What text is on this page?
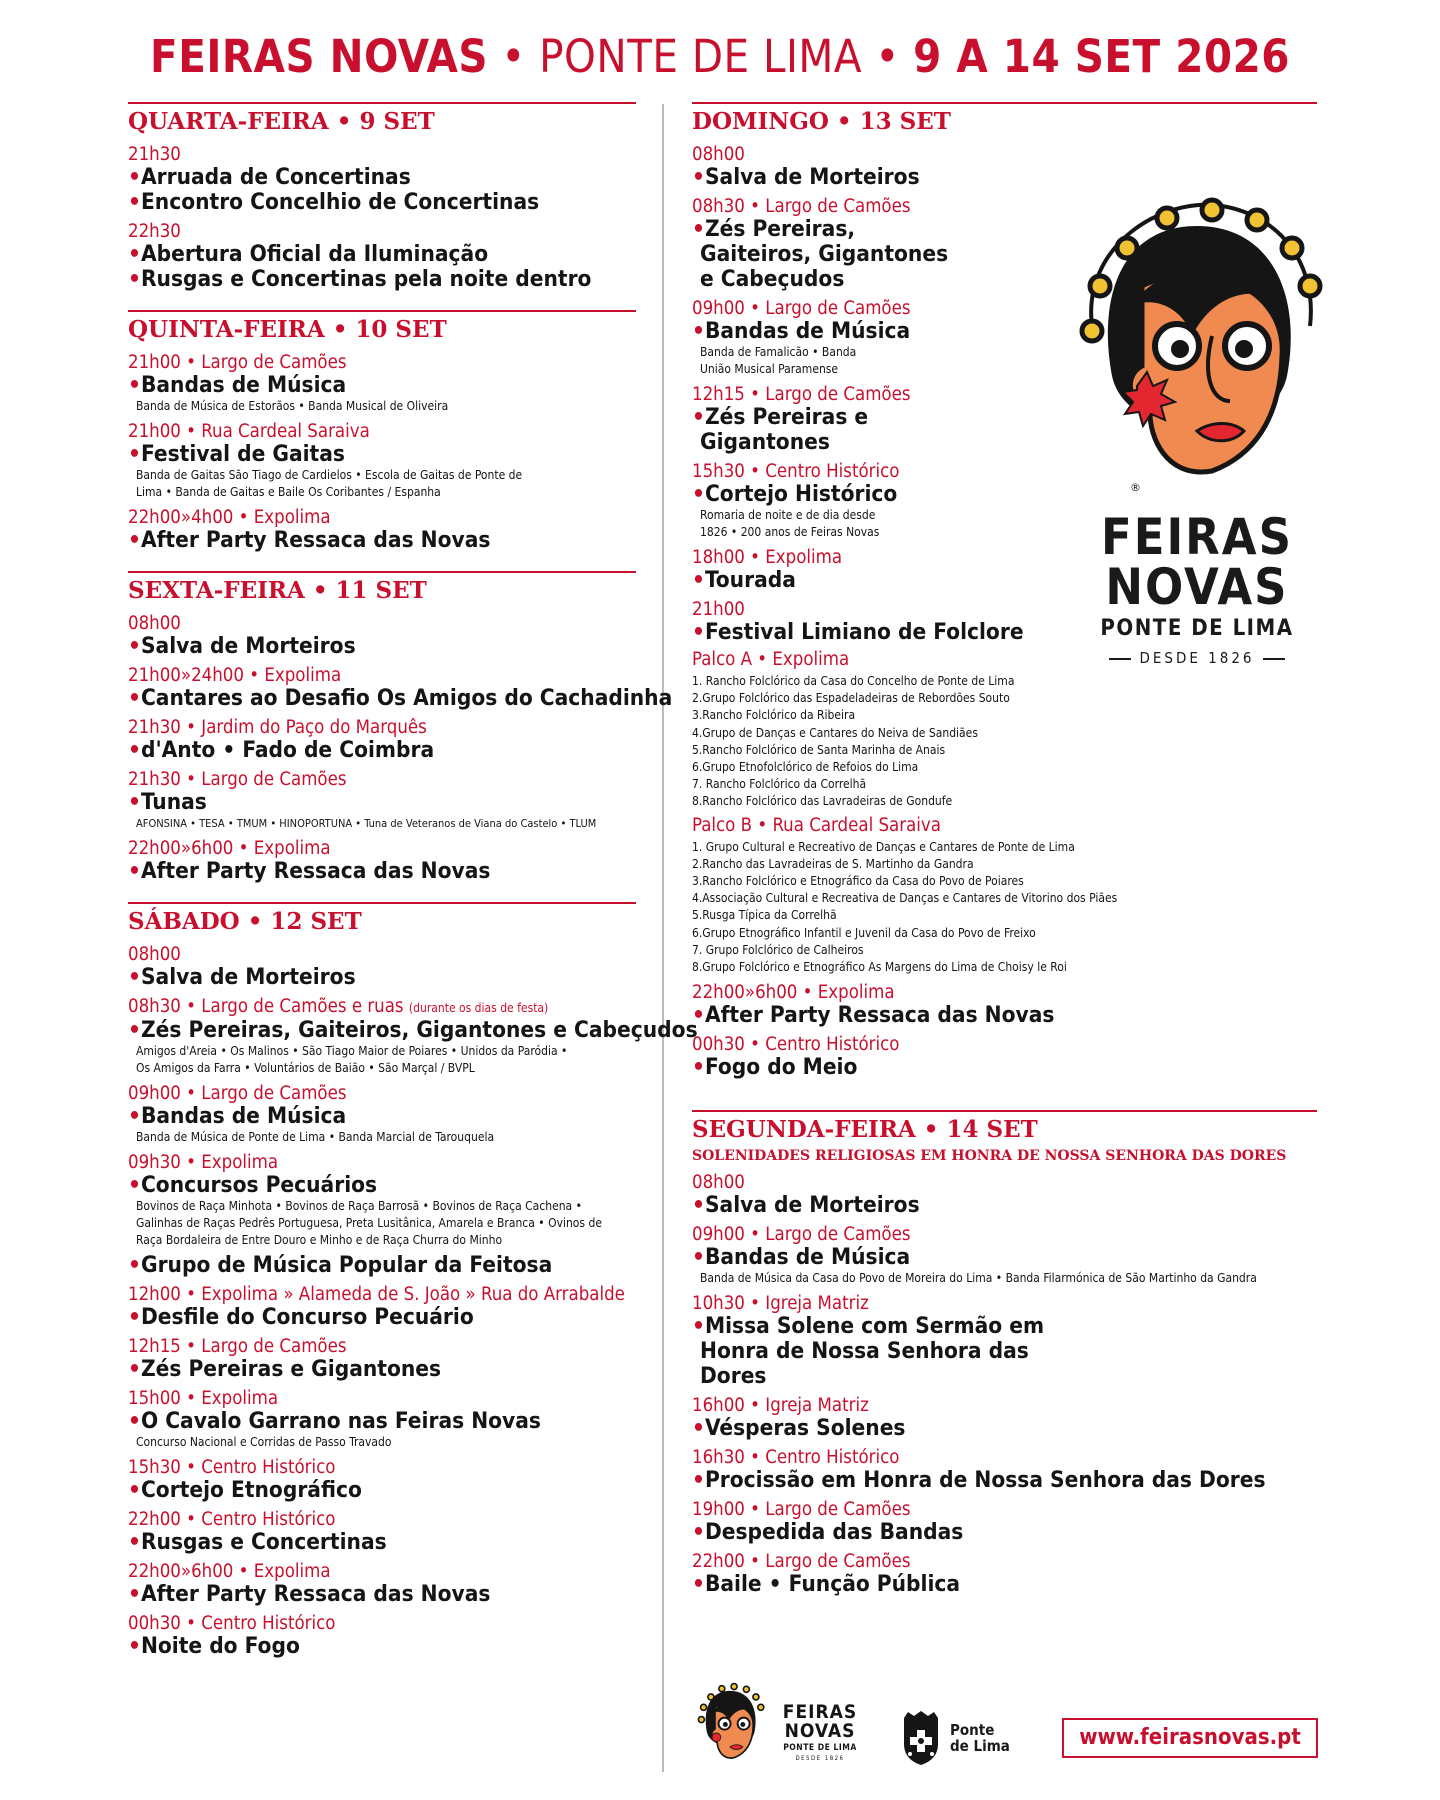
FEIRAS NOVAS • PONTE DE LIMA • 9 A 14 SET 2026
QUARTA-FEIRA • 9 SET
21h30
•Arruada de Concertinas
•Encontro Concelhio de Concertinas
22h30
•Abertura Oficial da Iluminação
•Rusgas e Concertinas pela noite dentro
QUINTA-FEIRA • 10 SET
21h00 • Largo de Camões
•Bandas de Música
Banda de Música de Estorãos • Banda Musical de Oliveira
21h00 • Rua Cardeal Saraiva
•Festival de Gaitas
Banda de Gaitas São Tiago de Cardielos • Escola de Gaitas de Ponte de Lima • Banda de Gaitas e Baile Os Coribantes / Espanha
22h00»4h00 • Expolima
•After Party Ressaca das Novas
SEXTA-FEIRA • 11 SET
08h00
•Salva de Morteiros
21h00»24h00 • Expolima
•Cantares ao Desafio Os Amigos do Cachadinha
21h30 • Jardim do Paço do Marquês
•d'Anto • Fado de Coimbra
21h30 • Largo de Camões
•Tunas
AFONSINA • TESA • TMUM • HINOPORTUNA • Tuna de Veteranos de Viana do Castelo • TLUM
22h00»6h00 • Expolima
•After Party Ressaca das Novas
SÁBADO • 12 SET
08h00
•Salva de Morteiros
08h30 • Largo de Camões e ruas (durante os dias de festa)
•Zés Pereiras, Gaiteiros, Gigantones e Cabeçudos
Amigos d'Areia • Os Malinos • São Tiago Maior de Poiares • Unidos da Paródia • Os Amigos da Farra • Voluntários de Baião • São Marçal / BVPL
09h00 • Largo de Camões
•Bandas de Música
Banda de Música de Ponte de Lima • Banda Marcial de Tarouquela
09h30 • Expolima
•Concursos Pecuários
Bovinos de Raça Minhota • Bovinos de Raça Barrosã • Bovinos de Raça Cachena • Galinhas de Raças Pedrês Portuguesa, Preta Lusitânica, Amarela e Branca • Ovinos de Raça Bordaleira de Entre Douro e Minho e de Raça Churra do Minho
•Grupo de Música Popular da Feitosa
12h00 • Expolima » Alameda de S. João » Rua do Arrabalde
•Desfile do Concurso Pecuário
12h15 • Largo de Camões
•Zés Pereiras e Gigantones
15h00 • Expolima
•O Cavalo Garrano nas Feiras Novas
Concurso Nacional e Corridas de Passo Travado
15h30 • Centro Histórico
•Cortejo Etnográfico
22h00 • Centro Histórico
•Rusgas e Concertinas
22h00»6h00 • Expolima
•After Party Ressaca das Novas
00h30 • Centro Histórico
•Noite do Fogo
DOMINGO • 13 SET
08h00
•Salva de Morteiros
08h30 • Largo de Camões
•Zés Pereiras, Gaiteiros, Gigantones e Cabeçudos
09h00 • Largo de Camões
•Bandas de Música
Banda de Famalicão • Banda União Musical Paramense
12h15 • Largo de Camões
•Zés Pereiras e Gigantones
15h30 • Centro Histórico
•Cortejo Histórico
Romaria de noite e de dia desde 1826 • 200 anos de Feiras Novas
18h00 • Expolima
•Tourada
21h00
•Festival Limiano de Folclore
Palco A • Expolima
1. Rancho Folclórico da Casa do Concelho de Ponte de Lima
2.Grupo Folclórico das Espadeladeiras de Rebordões Souto
3.Rancho Folclórico da Ribeira
4.Grupo de Danças e Cantares do Neiva de Sandiães
5.Rancho Folclórico de Santa Marinha de Anais
6.Grupo Etnofolclórico de Refoios do Lima
7. Rancho Folclórico da Correlhã
8.Rancho Folclórico das Lavradeiras de Gondufe
Palco B • Rua Cardeal Saraiva
1. Grupo Cultural e Recreativo de Danças e Cantares de Ponte de Lima
2.Rancho das Lavradeiras de S. Martinho da Gandra
3.Rancho Folclórico e Etnográfico da Casa do Povo de Poiares
4.Associação Cultural e Recreativa de Danças e Cantares de Vitorino dos Piães
5.Rusga Típica da Correlhã
6.Grupo Etnográfico Infantil e Juvenil da Casa do Povo de Freixo
7. Grupo Folclórico de Calheiros
8.Grupo Folclórico e Etnográfico As Margens do Lima de Choisy le Roi
22h00»6h00 • Expolima
•After Party Ressaca das Novas
00h30 • Centro Histórico
•Fogo do Meio
SEGUNDA-FEIRA • 14 SET
SOLENIDADES RELIGIOSAS EM HONRA DE NOSSA SENHORA DAS DORES
08h00
•Salva de Morteiros
09h00 • Largo de Camões
•Bandas de Música
Banda de Música da Casa do Povo de Moreira do Lima • Banda Filarmónica de São Martinho da Gandra
10h30 • Igreja Matriz
•Missa Solene com Sermão em Honra de Nossa Senhora das Dores
16h00 • Igreja Matriz
•Vésperas Solenes
16h30 • Centro Histórico
•Procissão em Honra de Nossa Senhora das Dores
19h00 • Largo de Camões
•Despedida das Bandas
22h00 • Largo de Camões
•Baile • Função Pública
®
FEIRAS
NOVAS
PONTE DE LIMA
DESDE 1826
FEIRAS
NOVAS
PONTE DE LIMA
DESDE 1826
Ponte
de Lima	www.feirasnovas.pt
